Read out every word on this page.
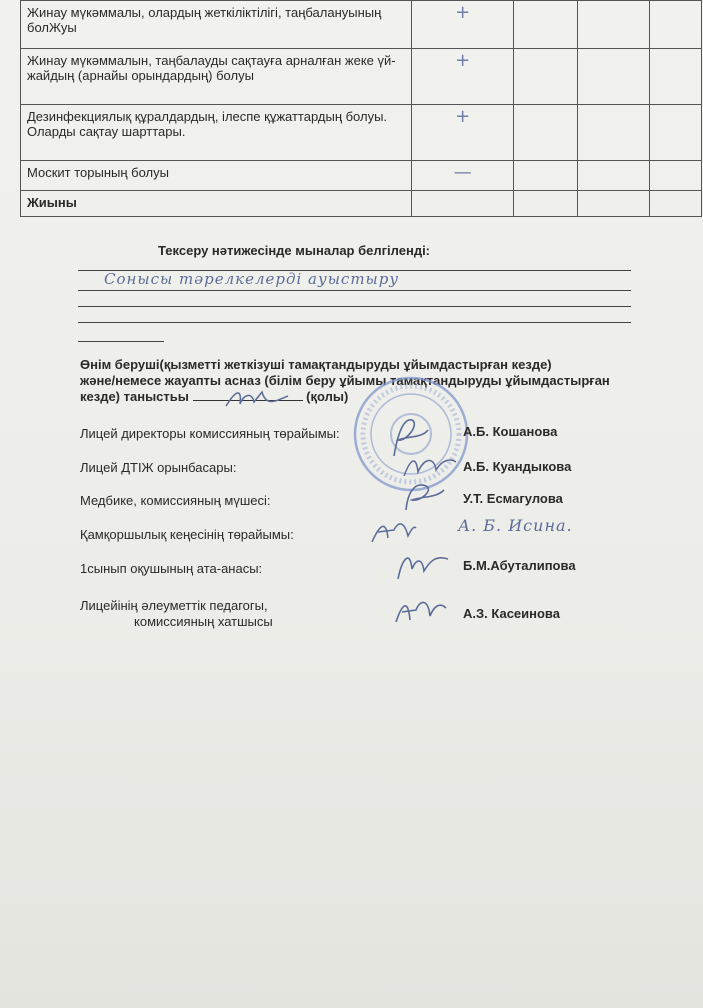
Жинау мүкәммалы, олардың жеткіліктілігі, таңбалануының болЖуы	+			
Жинау мүкәммалын, таңбалауды сақтауға арналған жеке үй-жайдың (арнайы орындардың) болуы	+			
Дезинфекциялық құралдардың, ілеспе құжаттардың болуы. Оларды сақтау шарттары.	+			
Москит торының болуы	—			
Жиыны				
Тексеру нәтижесінде мыналар белгіленді:
Сонысы тәрелкелерді ауыстыру
Өнім беруші(қызметті жеткізуші тамақтандыруды ұйымдастырған кезде)
және/немесе жауапты асназ (білім беру ұйымы тамақтандыруды ұйымдастырған
кезде) таныстьы	(қолы)
Лицей директоры комиссияның төрайымы:	А.Б. Кошанова
Лицей ДТІЖ орынбасары:	А.Б. Куандыкова
Медбике, комиссияның мүшесі:	У.Т. Есмагулова
Қамқоршылық кеңесінің төрайымы:	А. Б. Исина.
1сынып оқушының ата-анасы:	Б.М.Абуталипова
Лицейінің әлеуметтік педагогы,
комиссияның хатшысы
А.З. Касеинова
